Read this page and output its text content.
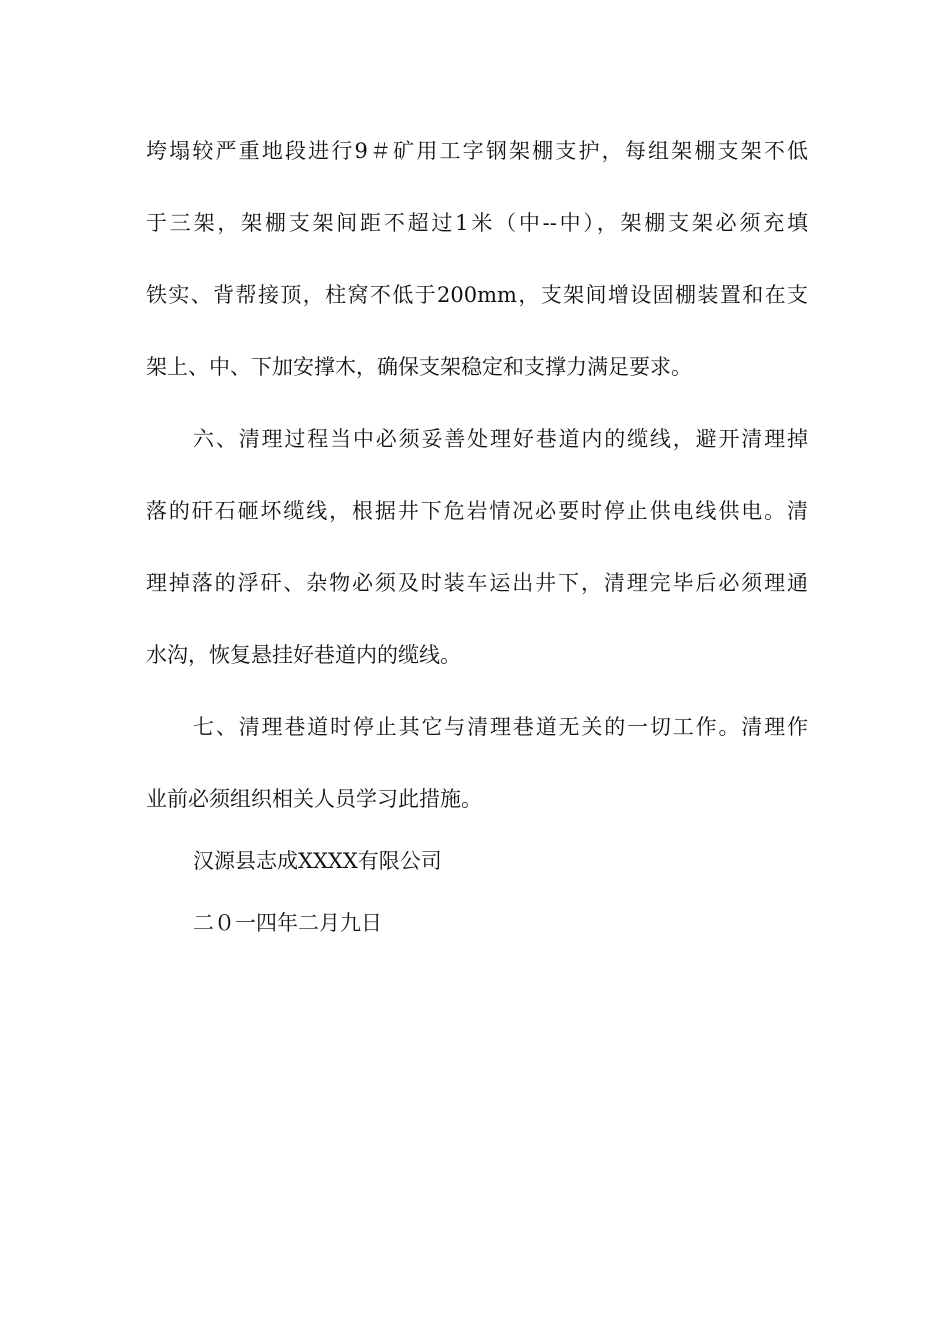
垮塌较严重地段进行9＃矿用工字钢架棚支护，每组架棚支架不低
于三架，架棚支架间距不超过1米（中--中），架棚支架必须充填
铁实、背帮接顶，柱窝不低于200mm，支架间增设固棚装置和在支
架上、中、下加安撑木，确保支架稳定和支撑力满足要求。
六、清理过程当中必须妥善处理好巷道内的缆线，避开清理掉
落的矸石砸坏缆线，根据井下危岩情况必要时停止供电线供电。清
理掉落的浮矸、杂物必须及时装车运出井下，清理完毕后必须理通
水沟，恢复悬挂好巷道内的缆线。
七、清理巷道时停止其它与清理巷道无关的一切工作。清理作
业前必须组织相关人员学习此措施。
汉源县志成XXXX有限公司
二０一四年二月九日
